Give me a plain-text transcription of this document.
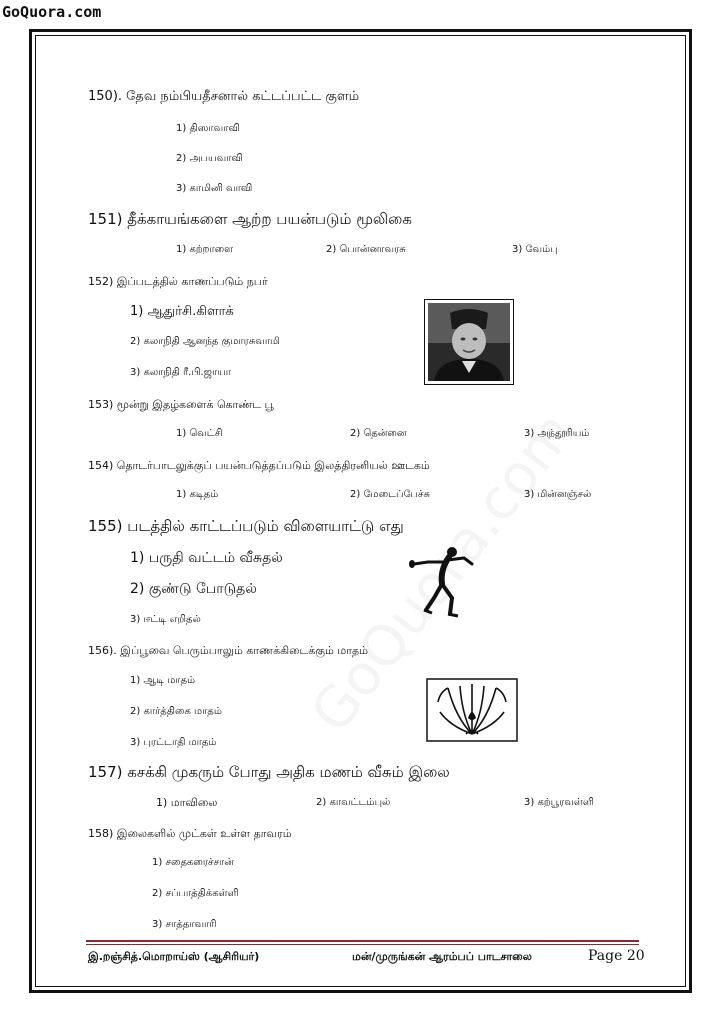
GoQuora.com
150). தேவ நம்பியதீசனால் கட்டப்பட்ட குளம்
1) திஸாவாவி
2) அபயவாவி
3) காமினி வாவி
151) தீக்காயங்களை ஆற்ற பயன்படும் மூலிகை
1) கற்றாளை	2) பொன்னாவரசு	3) வேம்பு
152) இப்படத்தில் காணப்படும் நபர்
1) ஆதுர்சி.கிளாக்
2) கலாநிதி ஆனந்த குமாரசுவாமி
3) கலாநிதி ரீ.பி.ஜாயா
153) மூன்று இதழ்களைக் கொண்ட பூ
1) வெட்சி	2) தென்னை	3) அந்தூரியம்
154) தொடர்பாடலுக்குப் பயன்படுத்தப்படும் இலத்திரனியல் ஊடகம்
1) கடிதம்	2) மேடைப்பேச்சு	3) மின்னஞ்சல்
155) படத்தில் காட்டப்படும் விளையாட்டு எது
1) பருதி வட்டம் வீசுதல்
2) குண்டு போடுதல்
3) ஈட்டி எறிதல்
156). இப்பூவை பெரும்பாலும் காணக்கிடைக்கும் மாதம்
1) ஆடி மாதம்
2) கார்த்திகை மாதம்
3) புரட்டாதி மாதம்
157) கசக்கி முகரும் போது அதிக மணம் வீசும் இலை
1) மாவிலை	2) காவட்டம்புல்	3) கற்பூரவள்ளி
158) இலைகளில் முட்கள் உள்ள தாவரம்
1) சதைகரைச்சான்
2) சப்பாத்திக்கள்ளி
3) சாத்தாவாரி
இ.றஞ்சித்.மொறாய்ஸ் (ஆசிரியர்)	மன்/முருங்கன் ஆரம்பப் பாடசாலை	Page 20
